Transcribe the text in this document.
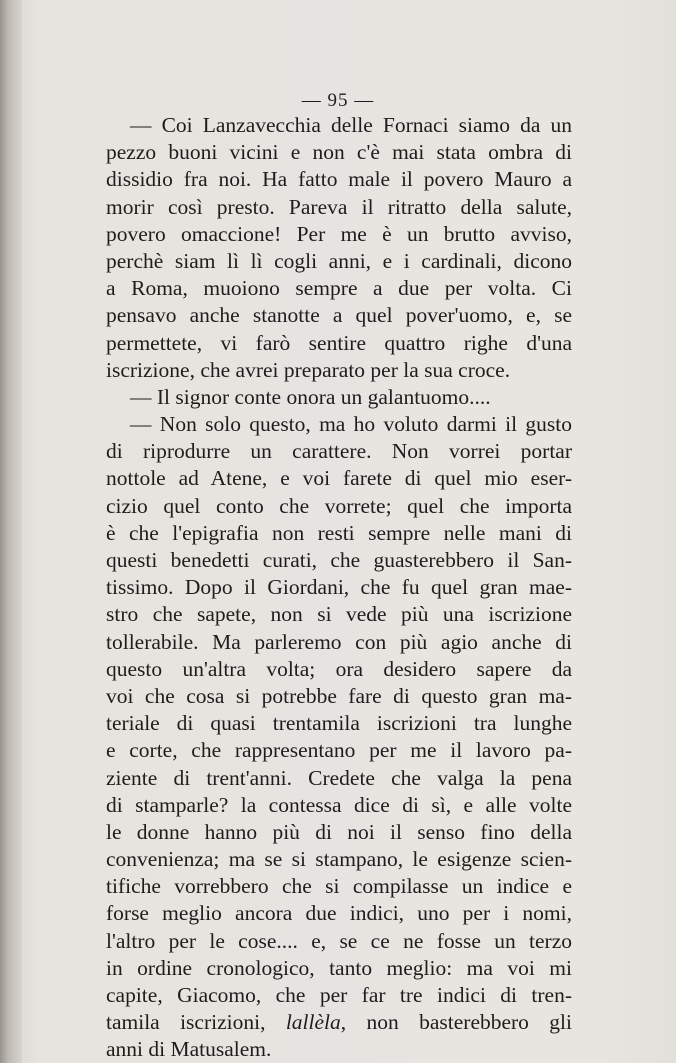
— 95 —
— Coi Lanzavecchia delle Fornaci siamo da un
pezzo buoni vicini e non c'è mai stata ombra di
dissidio fra noi. Ha fatto male il povero Mauro a
morir così presto. Pareva il ritratto della salute,
povero omaccione! Per me è un brutto avviso,
perchè siam lì lì cogli anni, e i cardinali, dicono
a Roma, muoiono sempre a due per volta. Ci
pensavo anche stanotte a quel pover'uomo, e, se
permettete, vi farò sentire quattro righe d'una
iscrizione, che avrei preparato per la sua croce.
— Il signor conte onora un galantuomo....
— Non solo questo, ma ho voluto darmi il gusto
di riprodurre un carattere. Non vorrei portar
nottole ad Atene, e voi farete di quel mio eser-
cizio quel conto che vorrete; quel che importa
è che l'epigrafia non resti sempre nelle mani di
questi benedetti curati, che guasterebbero il San-
tissimo. Dopo il Giordani, che fu quel gran mae-
stro che sapete, non si vede più una iscrizione
tollerabile. Ma parleremo con più agio anche di
questo un'altra volta; ora desidero sapere da
voi che cosa si potrebbe fare di questo gran ma-
teriale di quasi trentamila iscrizioni tra lunghe
e corte, che rappresentano per me il lavoro pa-
ziente di trent'anni. Credete che valga la pena
di stamparle? la contessa dice di sì, e alle volte
le donne hanno più di noi il senso fino della
convenienza; ma se si stampano, le esigenze scien-
tifiche vorrebbero che si compilasse un indice e
forse meglio ancora due indici, uno per i nomi,
l'altro per le cose.... e, se ce ne fosse un terzo
in ordine cronologico, tanto meglio: ma voi mi
capite, Giacomo, che per far tre indici di tren-
tamila iscrizioni, lallèla, non basterebbero gli
anni di Matusalem.
